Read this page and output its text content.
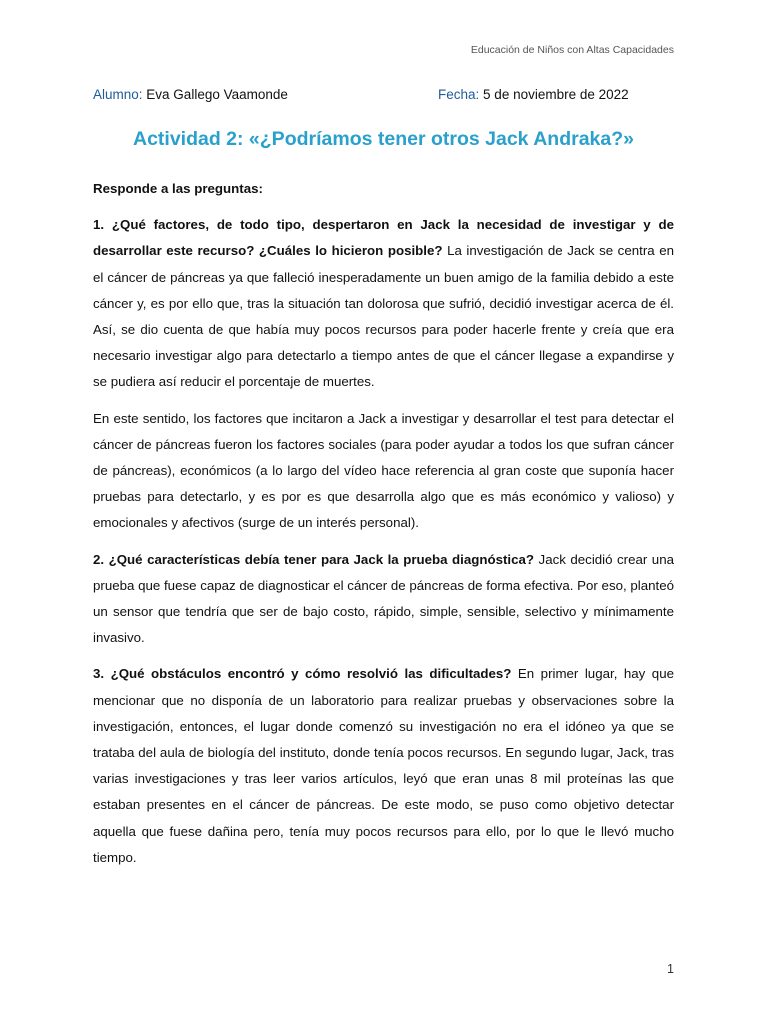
Educación de Niños con Altas Capacidades
Alumno: Eva Gallego Vaamonde	Fecha: 5 de noviembre de 2022
Actividad 2: «¿Podríamos tener otros Jack Andraka?»

Responde a las preguntas:

1. ¿Qué factores, de todo tipo, despertaron en Jack la necesidad de investigar y de desarrollar este recurso? ¿Cuáles lo hicieron posible? La investigación de Jack se centra en el cáncer de páncreas ya que falleció inesperadamente un buen amigo de la familia debido a este cáncer y, es por ello que, tras la situación tan dolorosa que sufrió, decidió investigar acerca de él. Así, se dio cuenta de que había muy pocos recursos para poder hacerle frente y creía que era necesario investigar algo para detectarlo a tiempo antes de que el cáncer llegase a expandirse y se pudiera así reducir el porcentaje de muertes.

En este sentido, los factores que incitaron a Jack a investigar y desarrollar el test para detectar el cáncer de páncreas fueron los factores sociales (para poder ayudar a todos los que sufran cáncer de páncreas), económicos (a lo largo del vídeo hace referencia al gran coste que suponía hacer pruebas para detectarlo, y es por es que desarrolla algo que es más económico y valioso) y emocionales y afectivos (surge de un interés personal).

2. ¿Qué características debía tener para Jack la prueba diagnóstica? Jack decidió crear una prueba que fuese capaz de diagnosticar el cáncer de páncreas de forma efectiva. Por eso, planteó un sensor que tendría que ser de bajo costo, rápido, simple, sensible, selectivo y mínimamente invasivo.

3. ¿Qué obstáculos encontró y cómo resolvió las dificultades? En primer lugar, hay que mencionar que no disponía de un laboratorio para realizar pruebas y observaciones sobre la investigación, entonces, el lugar donde comenzó su investigación no era el idóneo ya que se trataba del aula de biología del instituto, donde tenía pocos recursos. En segundo lugar, Jack, tras varias investigaciones y tras leer varios artículos, leyó que eran unas 8 mil proteínas las que estaban presentes en el cáncer de páncreas. De este modo, se puso como objetivo detectar aquella que fuese dañina pero, tenía muy pocos recursos para ello, por lo que le llevó mucho tiempo.

1
